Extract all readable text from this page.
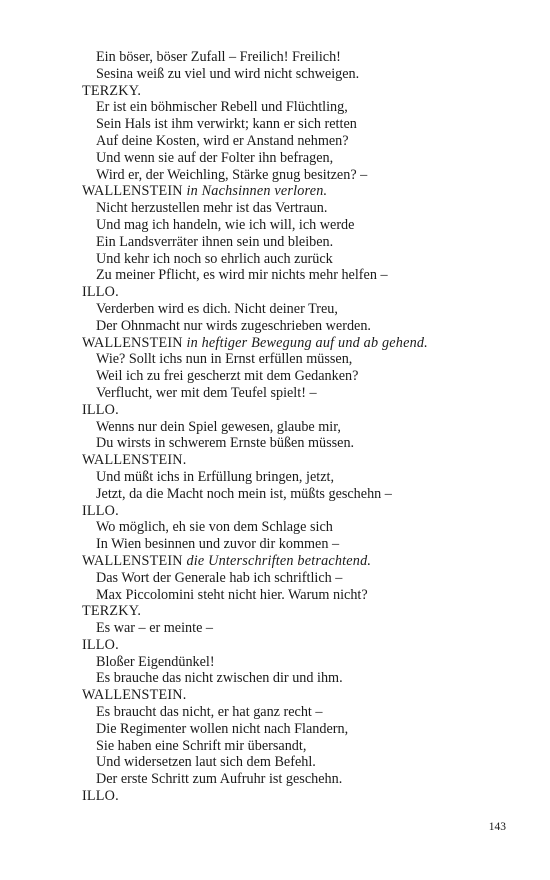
Ein böser, böser Zufall – Freilich! Freilich!
Sesina weiß zu viel und wird nicht schweigen.
TERZKY.
Er ist ein böhmischer Rebell und Flüchtling,
Sein Hals ist ihm verwirkt; kann er sich retten
Auf deine Kosten, wird er Anstand nehmen?
Und wenn sie auf der Folter ihn befragen,
Wird er, der Weichling, Stärke gnug besitzen? –
WALLENSTEIN in Nachsinnen verloren.
Nicht herzustellen mehr ist das Vertraun.
Und mag ich handeln, wie ich will, ich werde
Ein Landsverräter ihnen sein und bleiben.
Und kehr ich noch so ehrlich auch zurück
Zu meiner Pflicht, es wird mir nichts mehr helfen –
ILLO.
Verderben wird es dich. Nicht deiner Treu,
Der Ohnmacht nur wirds zugeschrieben werden.
WALLENSTEIN in heftiger Bewegung auf und ab gehend.
Wie? Sollt ichs nun in Ernst erfüllen müssen,
Weil ich zu frei gescherzt mit dem Gedanken?
Verflucht, wer mit dem Teufel spielt! –
ILLO.
Wenns nur dein Spiel gewesen, glaube mir,
Du wirsts in schwerem Ernste büßen müssen.
WALLENSTEIN.
Und müßt ichs in Erfüllung bringen, jetzt,
Jetzt, da die Macht noch mein ist, müßts geschehn –
ILLO.
Wo möglich, eh sie von dem Schlage sich
In Wien besinnen und zuvor dir kommen –
WALLENSTEIN die Unterschriften betrachtend.
Das Wort der Generale hab ich schriftlich –
Max Piccolomini steht nicht hier. Warum nicht?
TERZKY.
Es war – er meinte –
ILLO.
Bloßer Eigendünkel!
Es brauche das nicht zwischen dir und ihm.
WALLENSTEIN.
Es braucht das nicht, er hat ganz recht –
Die Regimenter wollen nicht nach Flandern,
Sie haben eine Schrift mir übersandt,
Und widersetzen laut sich dem Befehl.
Der erste Schritt zum Aufruhr ist geschehn.
ILLO.
143
